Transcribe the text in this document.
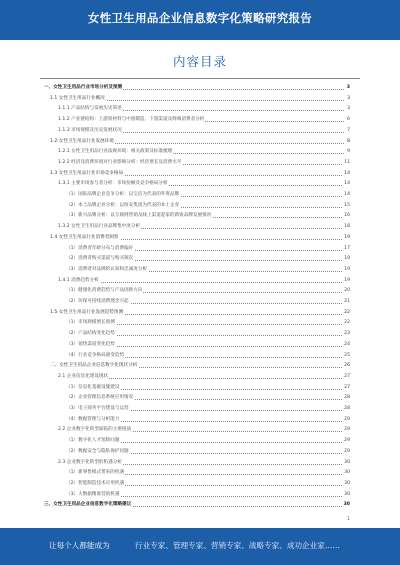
女性卫生用品企业信息数字化策略研究报告
内容目录
一、女性卫生用品行业市场分析及预测	3
1.1 女性卫生用品行业概况	3
1.1.1 产品结构与发展历史简述	3
1.1.2 产业链结构：上游原材料与中游制造、下游渠道及终端消费者分析	6
1.1.3 市场规模及历史发展状况	7
1.2 女性卫生用品行业发展环境	8
1.2.1 女性卫生用品行业法规环境：相关政策及标准梳理	9
1.2.2 经济及消费环境对行业影响分析：经济增长及消费水平	11
1.3 女性卫生用品行业市场竞争格局	14
1.3.1 主要市场参与者分析：市场份额及竞争格局分析	14
（1）国际品牌企业竞争分析：以宝洁为代表的外资品牌	14
（2）本土品牌企业分析：以恒安集团为代表的本土企业	15
（3）新兴品牌分析：以互联网营销及线上渠道起家的新锐品牌发展情况	16
1.3.2 女性卫生用品行业品牌集中度分析	18
1.4 女性卫生用品行业消费者洞察	19
（1）消费者年龄分布与消费偏好	17
（2）消费者购买渠道与购买频次	19
（3）消费者对品牌的认知和忠诚度分析	19
1.4.1 消费趋势分析	19
（1）健康化消费趋势与产品创新方向	20
（2）环保可持续消费理念兴起	21
1.5 女性卫生用品行业发展趋势预测	22
（1）市场规模增长预测	22
（2）产品结构变化趋势	23
（3）销售渠道变化趋势	24
（4）行业竞争格局演变趋势	25
二、女性卫生用品企业信息数字化现状分析	26
2.1 企业信息化建设现状	27
（1）信息化基础设施建设	27
（2）企业管理信息系统应用情况	28
（3）电子商务平台建设与运营	28
（4）数据管理与分析能力	29
2.2 企业数字化转型面临的主要挑战	29
（1）数字化人才短缺问题	29
（2）数据安全与隐私保护问题	29
2.3 企业数字化转型的机遇分析	30
（1）新零售模式带来的机遇	30
（2）智能制造技术应用机遇	30
（3）大数据精准营销机遇	30
三、女性卫生用品企业信息数字化策略建议	30
1
让每个人都能成为	行业专家、管理专家、营销专家、战略专家、成功企业家……
